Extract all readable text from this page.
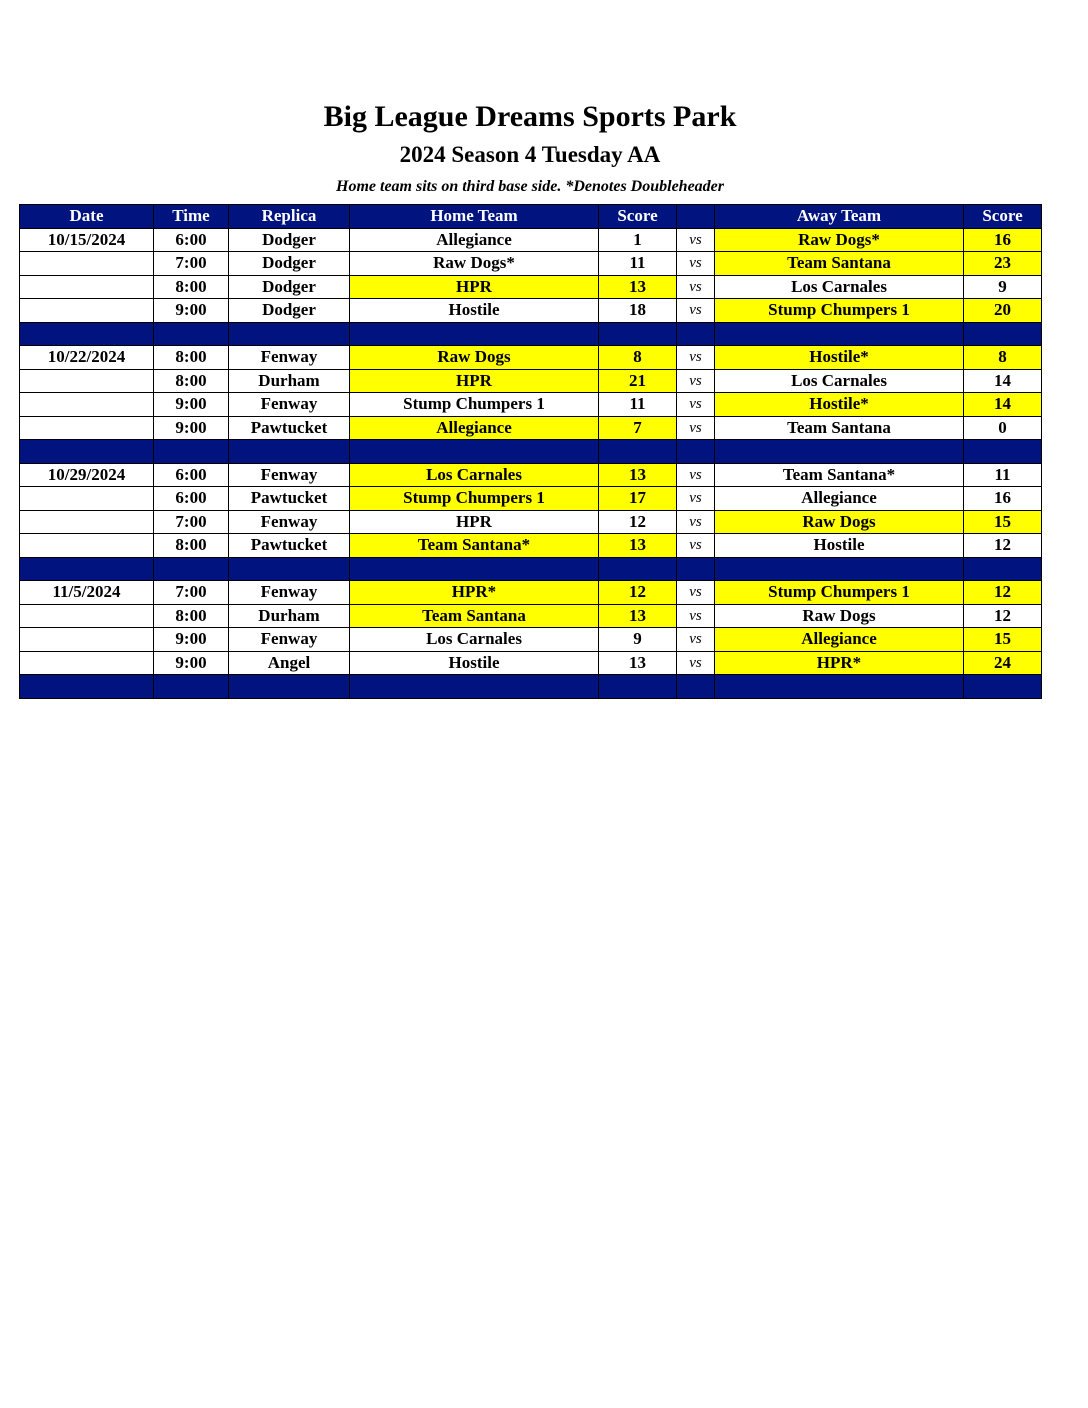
Big League Dreams Sports Park
2024 Season 4 Tuesday AA
Home team sits on third base side. *Denotes Doubleheader
Date	Time	Replica	Home Team	Score		Away Team	Score
10/15/2024	6:00	Dodger	Allegiance	1	vs	Raw Dogs*	16
	7:00	Dodger	Raw Dogs*	11	vs	Team Santana	23
	8:00	Dodger	HPR	13	vs	Los Carnales	9
	9:00	Dodger	Hostile	18	vs	Stump Chumpers 1	20

10/22/2024	8:00	Fenway	Raw Dogs	8	vs	Hostile*	8
	8:00	Durham	HPR	21	vs	Los Carnales	14
	9:00	Fenway	Stump Chumpers 1	11	vs	Hostile*	14
	9:00	Pawtucket	Allegiance	7	vs	Team Santana	0

10/29/2024	6:00	Fenway	Los Carnales	13	vs	Team Santana*	11
	6:00	Pawtucket	Stump Chumpers 1	17	vs	Allegiance	16
	7:00	Fenway	HPR	12	vs	Raw Dogs	15
	8:00	Pawtucket	Team Santana*	13	vs	Hostile	12

11/5/2024	7:00	Fenway	HPR*	12	vs	Stump Chumpers 1	12
	8:00	Durham	Team Santana	13	vs	Raw Dogs	12
	9:00	Fenway	Los Carnales	9	vs	Allegiance	15
	9:00	Angel	Hostile	13	vs	HPR*	24
